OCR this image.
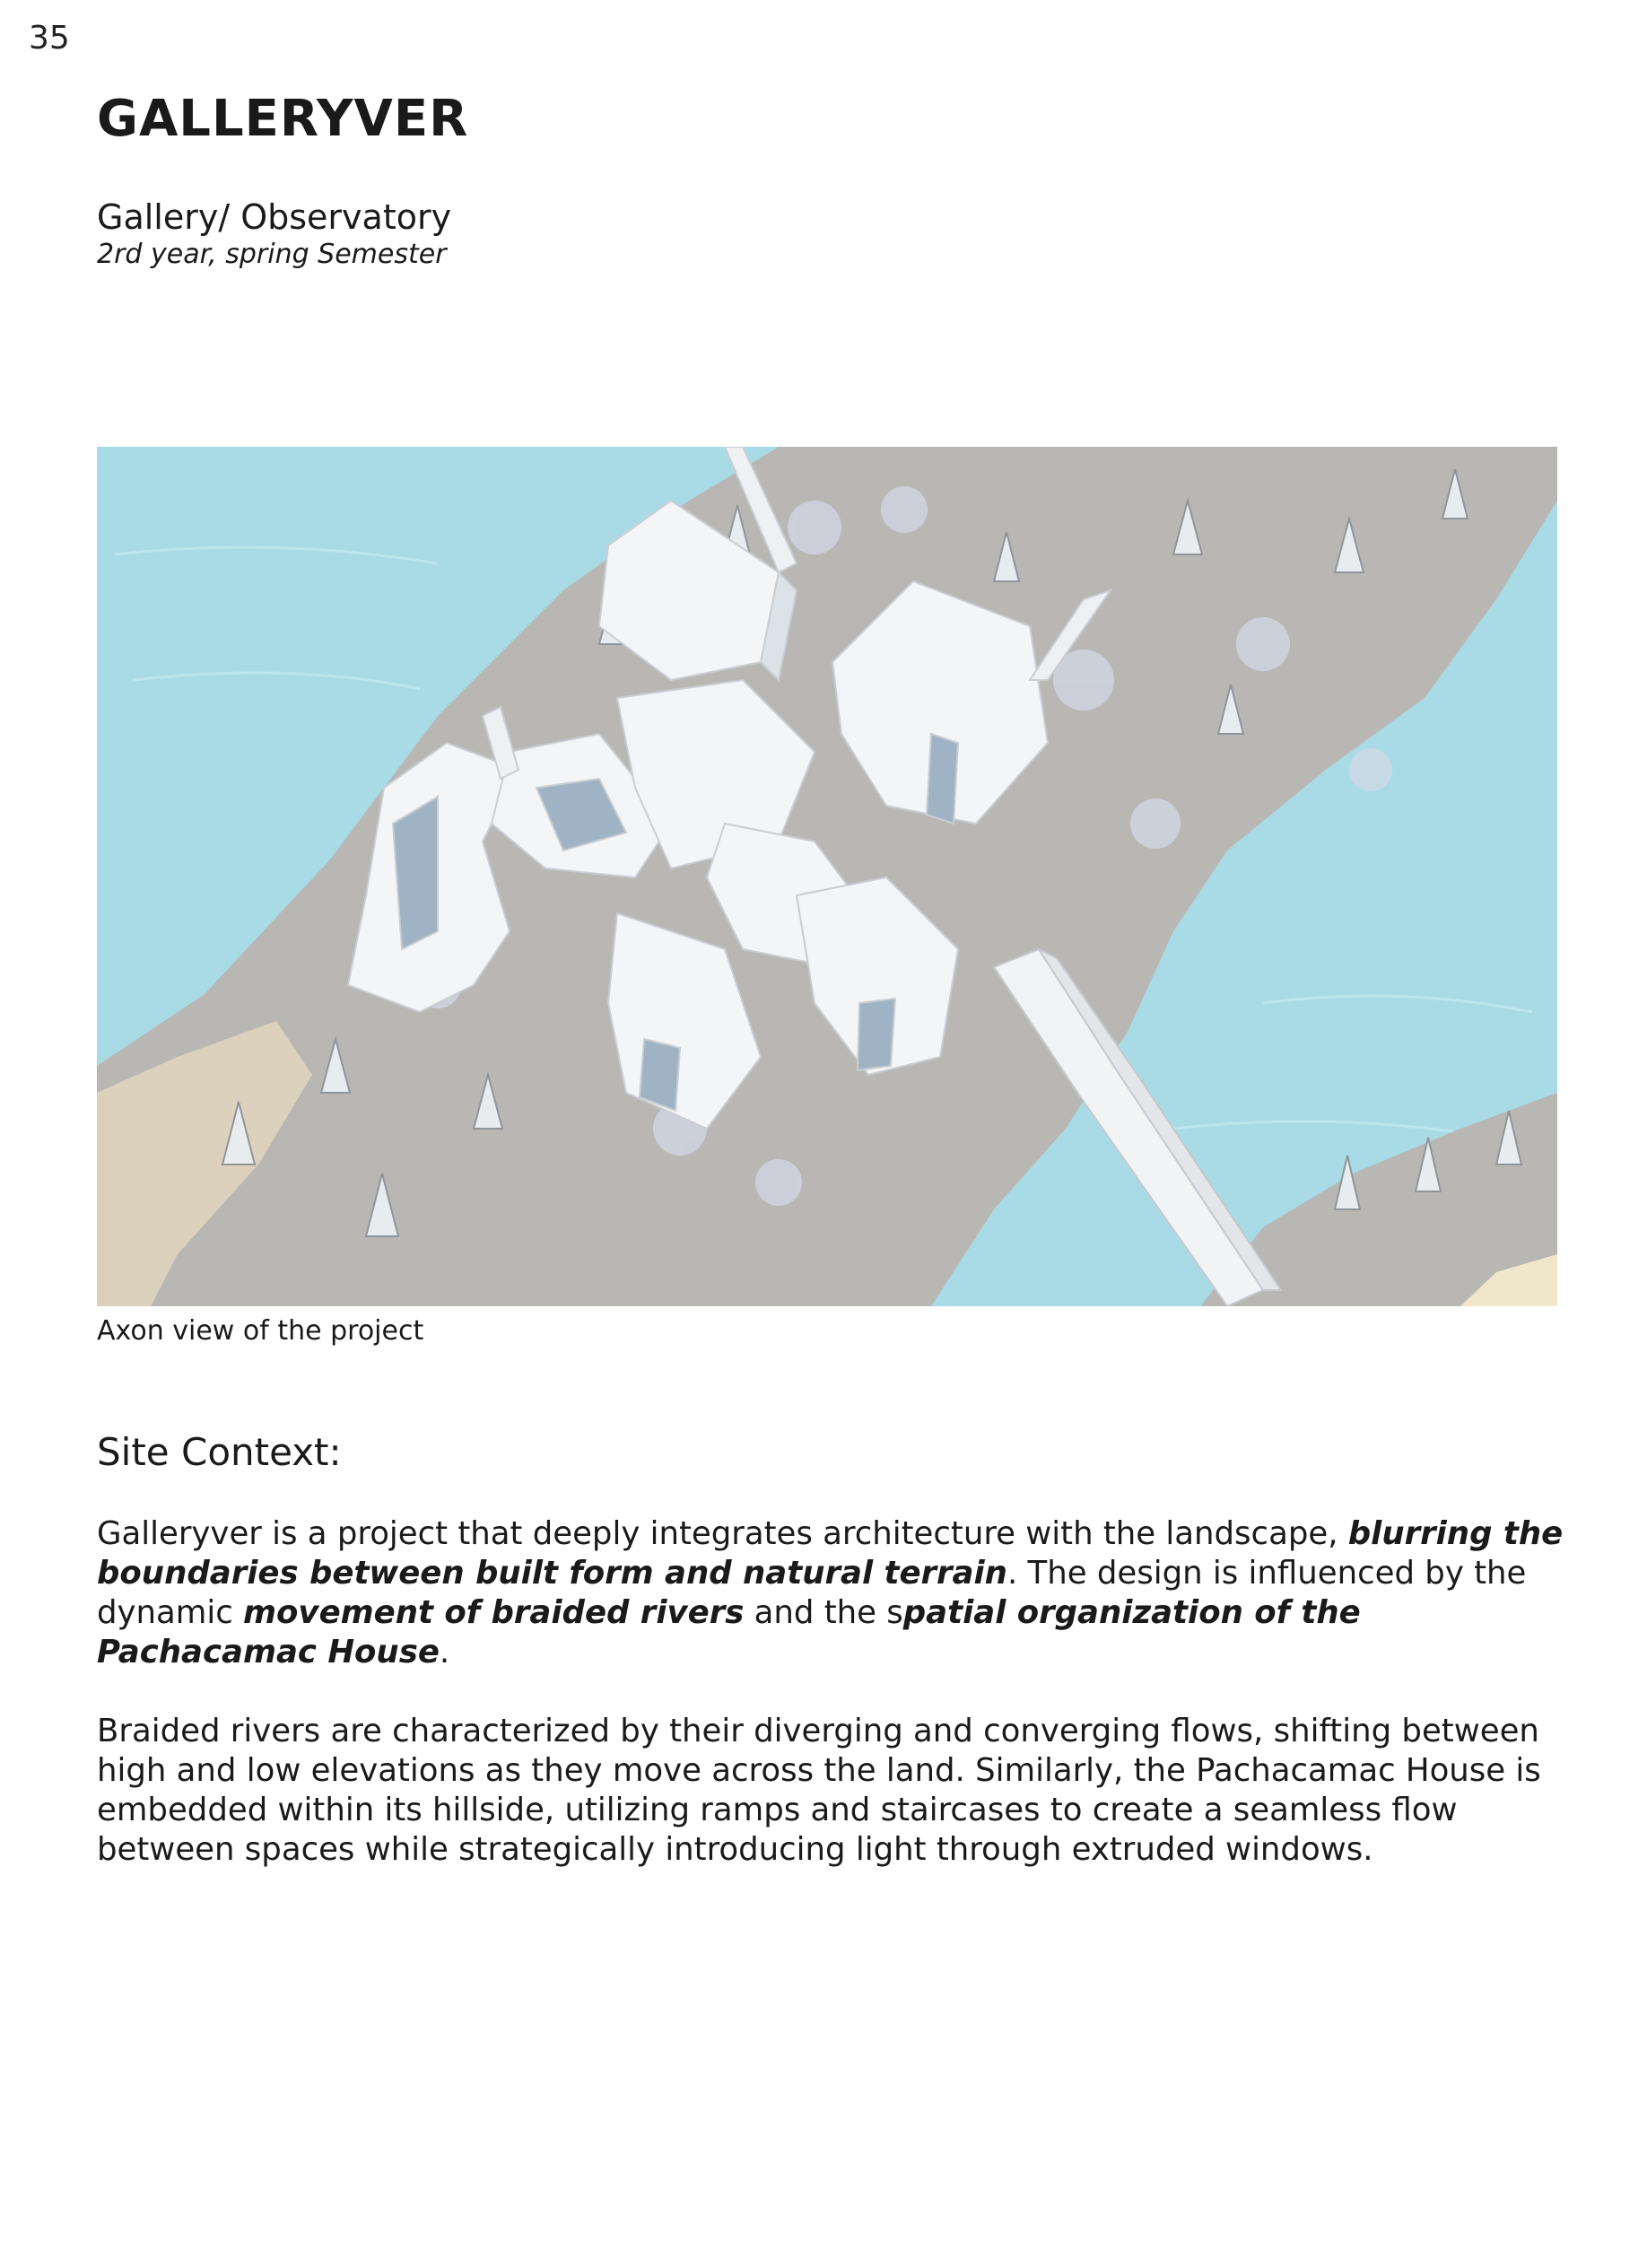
35
GALLERYVER
Gallery/ Observatory
2rd year, spring Semester
Axon view of the project
Site Context:

Galleryver is a project that deeply integrates architecture with the landscape, blurring the boundaries between built form and natural terrain. The design is influenced by the dynamic movement of braided rivers and the spatial organization of the Pachacamac House.

Braided rivers are characterized by their diverging and converging flows, shifting between high and low elevations as they move across the land. Similarly, the Pachacamac House is embedded within its hillside, utilizing ramps and staircases to create a seamless flow between spaces while strategically introducing light through extruded windows.
